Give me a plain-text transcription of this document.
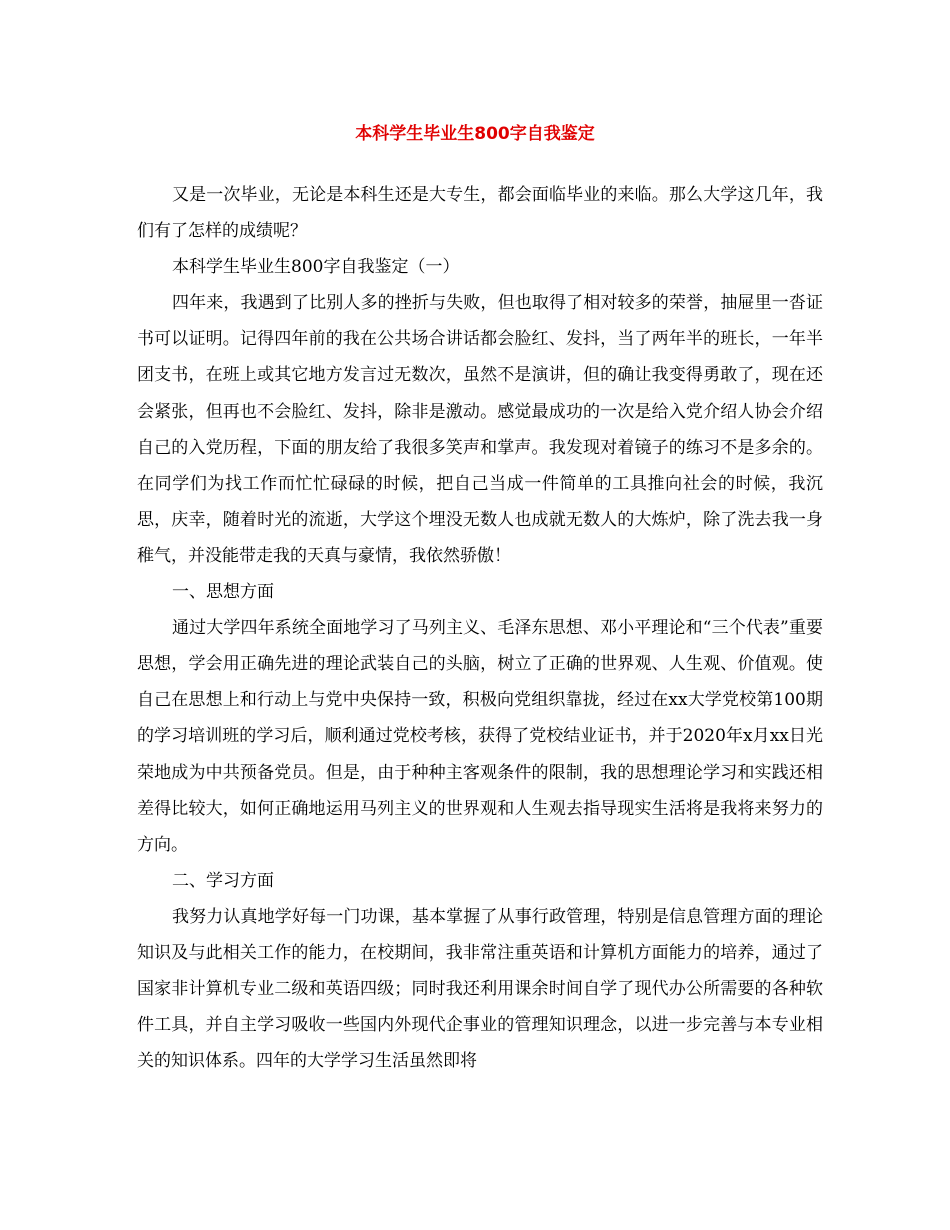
本科学生毕业生800字自我鉴定

又是一次毕业，无论是本科生还是大专生，都会面临毕业的来临。那么大学这几年，我们有了怎样的成绩呢？

本科学生毕业生800字自我鉴定（一）

四年来，我遇到了比别人多的挫折与失败，但也取得了相对较多的荣誉，抽屉里一沓证书可以证明。记得四年前的我在公共场合讲话都会脸红、发抖，当了两年半的班长，一年半团支书，在班上或其它地方发言过无数次，虽然不是演讲，但的确让我变得勇敢了，现在还会紧张，但再也不会脸红、发抖，除非是激动。感觉最成功的一次是给入党介绍人协会介绍自己的入党历程，下面的朋友给了我很多笑声和掌声。我发现对着镜子的练习不是多余的。在同学们为找工作而忙忙碌碌的时候，把自己当成一件简单的工具推向社会的时候，我沉思，庆幸，随着时光的流逝，大学这个埋没无数人也成就无数人的大炼炉，除了洗去我一身稚气，并没能带走我的天真与豪情，我依然骄傲！

一、思想方面

通过大学四年系统全面地学习了马列主义、毛泽东思想、邓小平理论和“三个代表”重要思想，学会用正确先进的理论武装自己的头脑，树立了正确的世界观、人生观、价值观。使自己在思想上和行动上与党中央保持一致，积极向党组织靠拢，经过在xx大学党校第100期的学习培训班的学习后，顺利通过党校考核，获得了党校结业证书，并于2020年x月xx日光荣地成为中共预备党员。但是，由于种种主客观条件的限制，我的思想理论学习和实践还相差得比较大，如何正确地运用马列主义的世界观和人生观去指导现实生活将是我将来努力的方向。

二、学习方面

我努力认真地学好每一门功课，基本掌握了从事行政管理，特别是信息管理方面的理论知识及与此相关工作的能力，在校期间，我非常注重英语和计算机方面能力的培养，通过了国家非计算机专业二级和英语四级；同时我还利用课余时间自学了现代办公所需要的各种软件工具，并自主学习吸收一些国内外现代企事业的管理知识理念，以进一步完善与本专业相关的知识体系。四年的大学学习生活虽然即将
